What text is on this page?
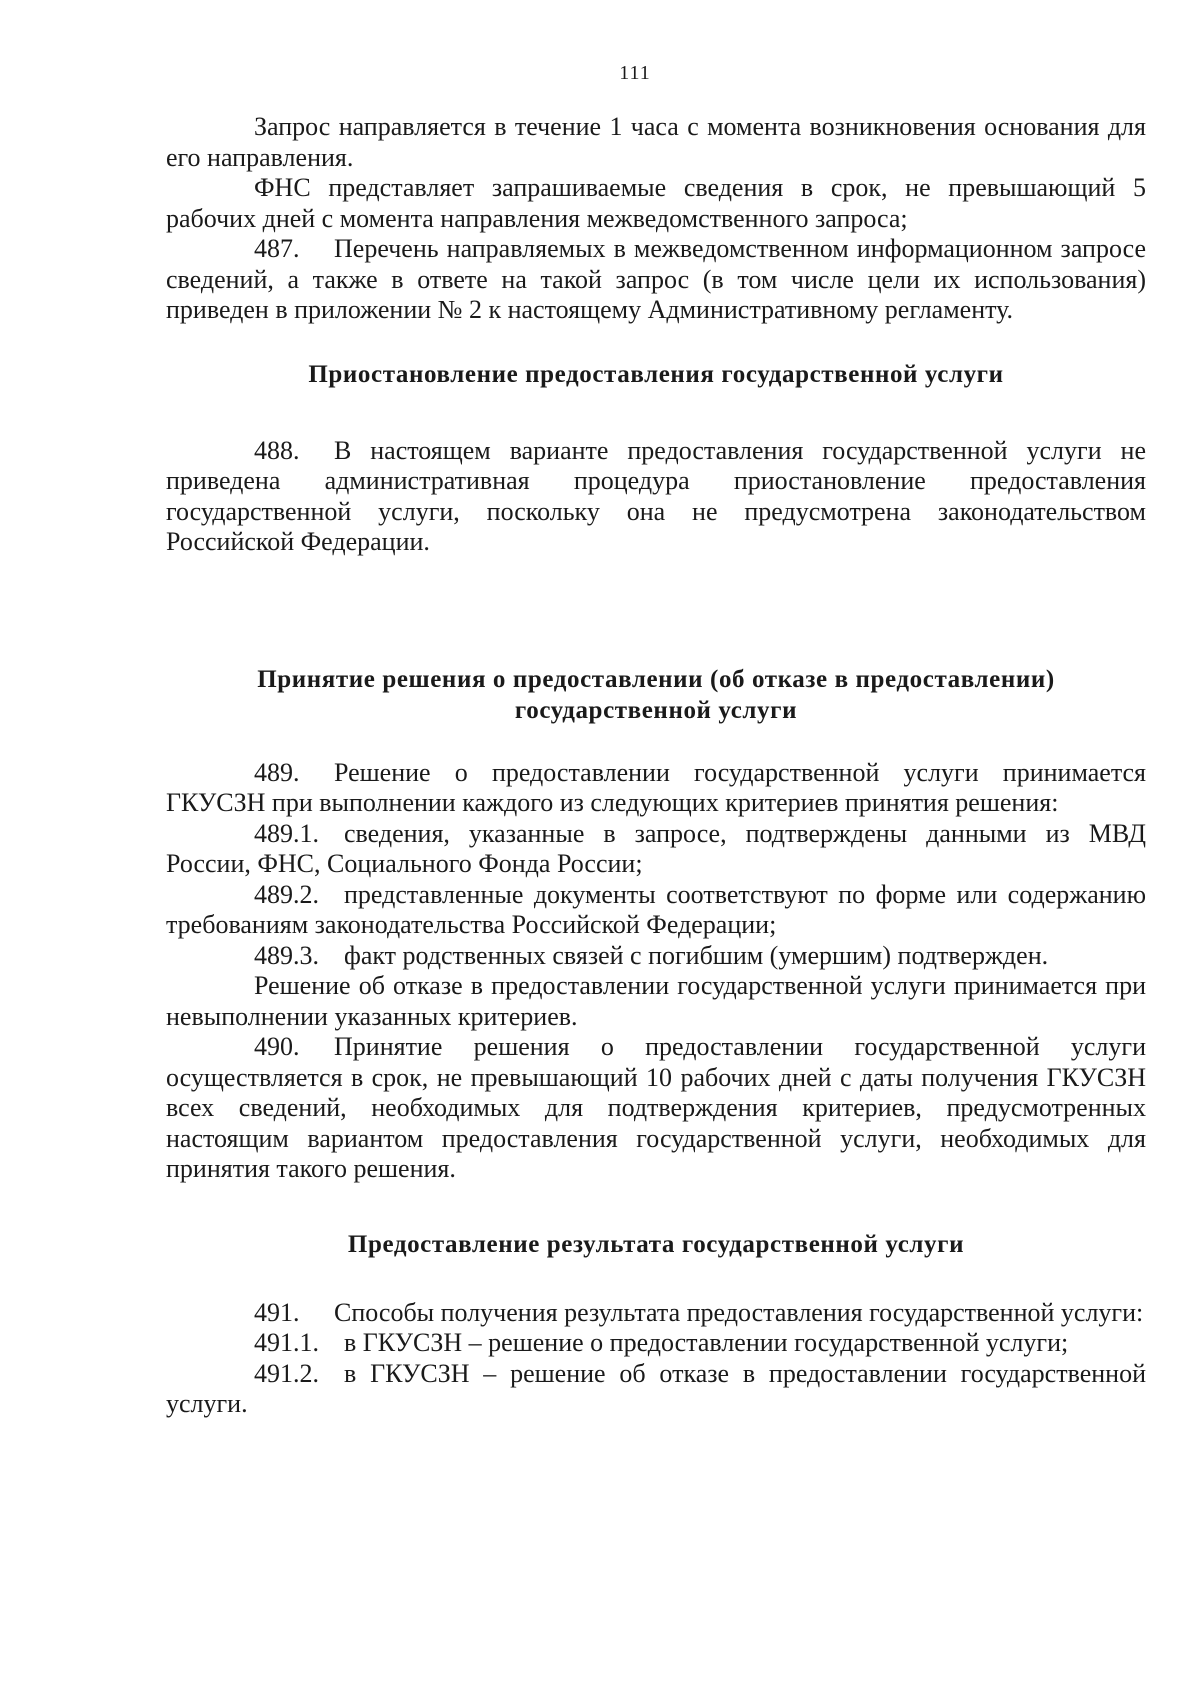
111

Запрос направляется в течение 1 часа с момента возникновения основания для его направления.

ФНС представляет запрашиваемые сведения в срок, не превышающий 5 рабочих дней с момента направления межведомственного запроса;

487. Перечень направляемых в межведомственном информационном запросе сведений, а также в ответе на такой запрос (в том числе цели их использования) приведен в приложении № 2 к настоящему Административному регламенту.

Приостановление предоставления государственной услуги

488. В настоящем варианте предоставления государственной услуги не приведена административная процедура приостановление предоставления государственной услуги, поскольку она не предусмотрена законодательством Российской Федерации.

Принятие решения о предоставлении (об отказе в предоставлении)
государственной услуги

489. Решение о предоставлении государственной услуги принимается ГКУСЗН при выполнении каждого из следующих критериев принятия решения:

489.1. сведения, указанные в запросе, подтверждены данными из МВД России, ФНС, Социального Фонда России;

489.2. представленные документы соответствуют по форме или содержанию требованиям законодательства Российской Федерации;

489.3. факт родственных связей с погибшим (умершим) подтвержден.

Решение об отказе в предоставлении государственной услуги принимается при невыполнении указанных критериев.

490. Принятие решения о предоставлении государственной услуги осуществляется в срок, не превышающий 10 рабочих дней с даты получения ГКУСЗН всех сведений, необходимых для подтверждения критериев, предусмотренных настоящим вариантом предоставления государственной услуги, необходимых для принятия такого решения.

Предоставление результата государственной услуги

491. Способы получения результата предоставления государственной услуги:

491.1. в ГКУСЗН – решение о предоставлении государственной услуги;

491.2. в ГКУСЗН – решение об отказе в предоставлении государственной услуги.
